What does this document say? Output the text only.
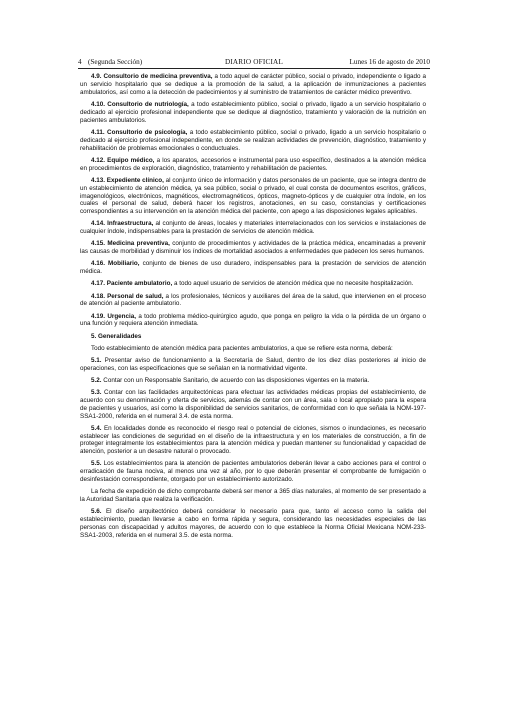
4 (Segunda Sección)	DIARIO OFICIAL	Lunes 16 de agosto de 2010

4.9. Consultorio de medicina preventiva, a todo aquel de carácter público, social o privado, independiente o ligado a un servicio hospitalario que se dedique a la promoción de la salud, a la aplicación de inmunizaciones a pacientes ambulatorios, así como a la detección de padecimientos y al suministro de tratamientos de carácter médico preventivo.

4.10. Consultorio de nutriología, a todo establecimiento público, social o privado, ligado a un servicio hospitalario o dedicado al ejercicio profesional independiente que se dedique al diagnóstico, tratamiento y valoración de la nutrición en pacientes ambulatorios.

4.11. Consultorio de psicología, a todo establecimiento público, social o privado, ligado a un servicio hospitalario o dedicado al ejercicio profesional independiente, en donde se realizan actividades de prevención, diagnóstico, tratamiento y rehabilitación de problemas emocionales o conductuales.

4.12. Equipo médico, a los aparatos, accesorios e instrumental para uso específico, destinados a la atención médica en procedimientos de exploración, diagnóstico, tratamiento y rehabilitación de pacientes.

4.13. Expediente clínico, al conjunto único de información y datos personales de un paciente, que se integra dentro de un establecimiento de atención médica, ya sea público, social o privado, el cual consta de documentos escritos, gráficos, imagenológicos, electrónicos, magnéticos, electromagnéticos, ópticos, magneto-ópticos y de cualquier otra índole, en los cuales el personal de salud, deberá hacer los registros, anotaciones, en su caso, constancias y certificaciones correspondientes a su intervención en la atención médica del paciente, con apego a las disposiciones legales aplicables.

4.14. Infraestructura, al conjunto de áreas, locales y materiales interrelacionados con los servicios e instalaciones de cualquier índole, indispensables para la prestación de servicios de atención médica.

4.15. Medicina preventiva, conjunto de procedimientos y actividades de la práctica médica, encaminadas a prevenir las causas de morbilidad y disminuir los índices de mortalidad asociados a enfermedades que padecen los seres humanos.

4.16. Mobiliario, conjunto de bienes de uso duradero, indispensables para la prestación de servicios de atención médica.

4.17. Paciente ambulatorio, a todo aquel usuario de servicios de atención médica que no necesite hospitalización.

4.18. Personal de salud, a los profesionales, técnicos y auxiliares del área de la salud, que intervienen en el proceso de atención al paciente ambulatorio.

4.19. Urgencia, a todo problema médico-quirúrgico agudo, que ponga en peligro la vida o la pérdida de un órgano o una función y requiera atención inmediata.

5. Generalidades

Todo establecimiento de atención médica para pacientes ambulatorios, a que se refiere esta norma, deberá:

5.1. Presentar aviso de funcionamiento a la Secretaría de Salud, dentro de los diez días posteriores al inicio de operaciones, con las especificaciones que se señalan en la normatividad vigente.

5.2. Contar con un Responsable Sanitario, de acuerdo con las disposiciones vigentes en la materia.

5.3. Contar con las facilidades arquitectónicas para efectuar las actividades médicas propias del establecimiento, de acuerdo con su denominación y oferta de servicios, además de contar con un área, sala o local apropiado para la espera de pacientes y usuarios, así como la disponibilidad de servicios sanitarios, de conformidad con lo que señala la NOM-197-SSA1-2000, referida en el numeral 3.4. de esta norma.

5.4. En localidades donde es reconocido el riesgo real o potencial de ciclones, sismos o inundaciones, es necesario establecer las condiciones de seguridad en el diseño de la infraestructura y en los materiales de construcción, a fin de proteger integralmente los establecimientos para la atención médica y puedan mantener su funcionalidad y capacidad de atención, posterior a un desastre natural o provocado.

5.5. Los establecimientos para la atención de pacientes ambulatorios deberán llevar a cabo acciones para el control o erradicación de fauna nociva, al menos una vez al año, por lo que deberán presentar el comprobante de fumigación o desinfestación correspondiente, otorgado por un establecimiento autorizado.

La fecha de expedición de dicho comprobante deberá ser menor a 365 días naturales, al momento de ser presentado a la Autoridad Sanitaria que realiza la verificación.

5.6. El diseño arquitectónico deberá considerar lo necesario para que, tanto el acceso como la salida del establecimiento, puedan llevarse a cabo en forma rápida y segura, considerando las necesidades especiales de las personas con discapacidad y adultos mayores, de acuerdo con lo que establece la Norma Oficial Mexicana NOM-233-SSA1-2003, referida en el numeral 3.5. de esta norma.
